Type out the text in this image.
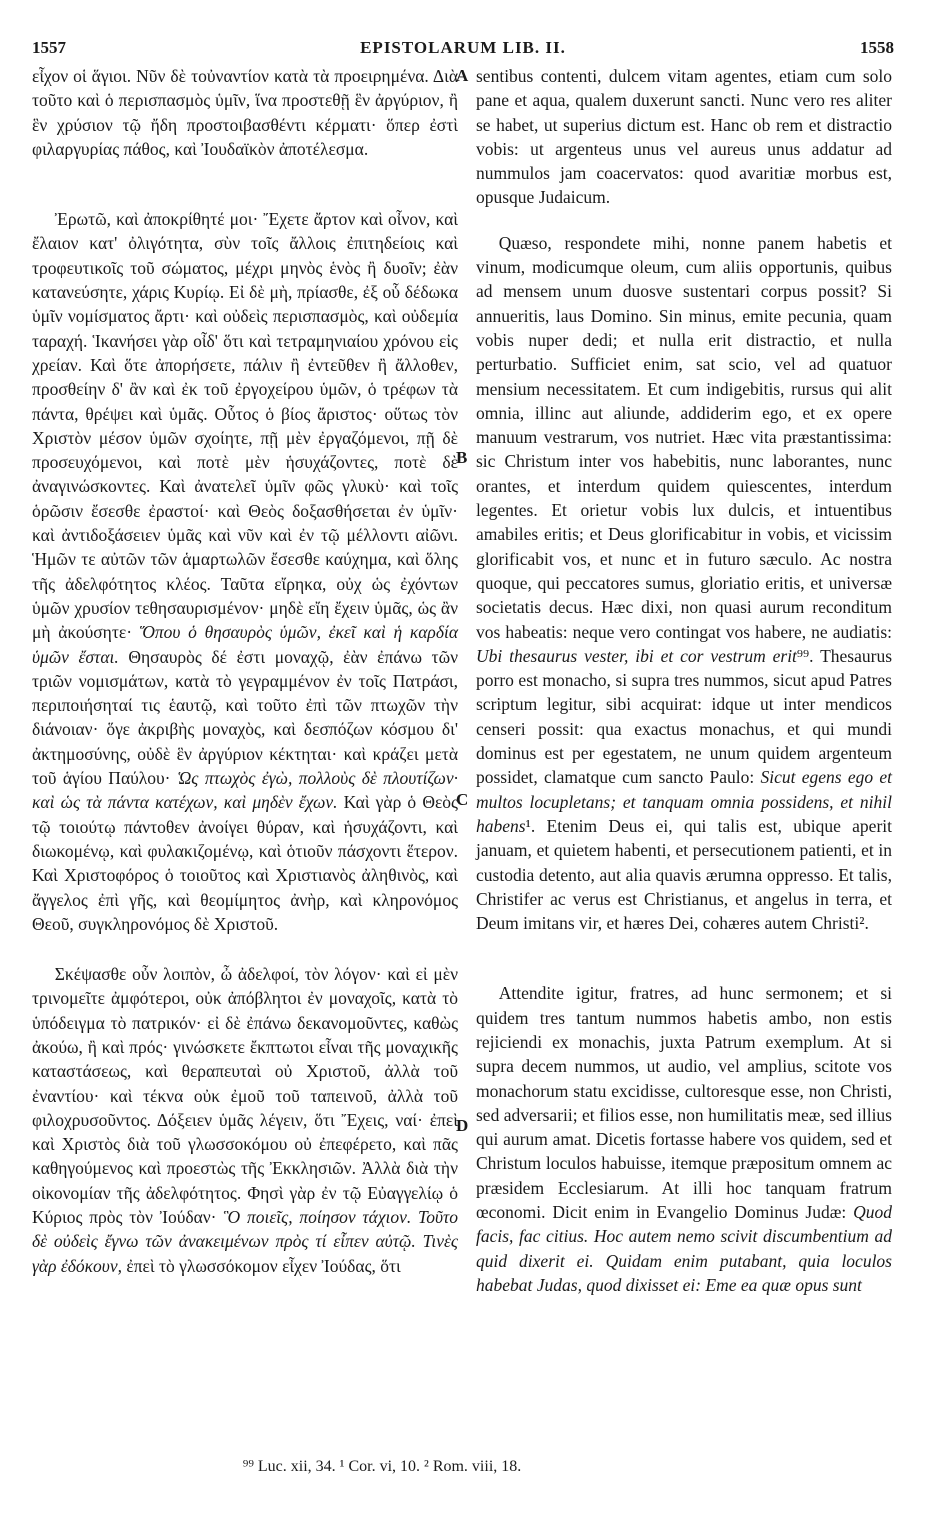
1557	EPISTOLARUM LIB. II.	1558

εἶχον οἱ ἅγιοι. Νῦν δὲ τοὐναντίον κατὰ τὰ προειρημένα. Διὰ τοῦτο καὶ ὁ περισπασμὸς ὑμῖν, ἵνα προστεθῇ ἓν ἀργύριον, ἢ ἓν χρύσιον τῷ ἤδη προστοιβασθέντι κέρματι· ὅπερ ἐστὶ φιλαργυρίας πάθος, καὶ Ἰουδαϊκὸν ἀποτέλεσμα.

Ἐρωτῶ, καὶ ἀποκρίθητέ μοι· Ἔχετε ἄρτον καὶ οἶνον, καὶ ἔλαιον κατ' ὀλιγότητα, σὺν τοῖς ἄλλοις ἐπιτηδείοις καὶ τροφευτικοῖς τοῦ σώματος, μέχρι μηνὸς ἑνὸς ἢ δυοῖν; ἐὰν κατανεύσητε, χάρις Κυρίῳ. Εἰ δὲ μὴ, πρίασθε, ἐξ οὗ δέδωκα ὑμῖν νομίσματος ἄρτι· καὶ οὐδεὶς περισπασμὸς, καὶ οὐδεμία ταραχή. Ἱκανήσει γὰρ οἶδ' ὅτι καὶ τετραμηνιαίου χρόνου εἰς χρείαν. Καὶ ὅτε ἀπορήσετε, πάλιν ἢ ἐντεῦθεν ἢ ἄλλοθεν, προσθείην δ' ἂν καὶ ἐκ τοῦ ἐργοχείρου ὑμῶν, ὁ τρέφων τὰ πάντα, θρέψει καὶ ὑμᾶς. Οὗτος ὁ βίος ἄριστος· οὕτως τὸν Χριστὸν μέσον ὑμῶν σχοίητε, πῇ μὲν ἐργαζόμενοι, πῇ δὲ προσευχόμενοι, καὶ ποτὲ μὲν ἡσυχάζοντες, ποτὲ δὲ ἀναγινώσκοντες. Καὶ ἀνατελεῖ ὑμῖν φῶς γλυκὺ· καὶ τοῖς ὁρῶσιν ἔσεσθε ἐραστοί· καὶ Θεὸς δοξασθήσεται ἐν ὑμῖν· καὶ ἀντιδοξάσειεν ὑμᾶς καὶ νῦν καὶ ἐν τῷ μέλλοντι αἰῶνι. Ἡμῶν τε αὐτῶν τῶν ἁμαρτωλῶν ἔσεσθε καύχημα, καὶ ὅλης τῆς ἀδελφότητος κλέος. Ταῦτα εἴρηκα, οὐχ ὡς ἐχόντων ὑμῶν χρυσίον τεθησαυρισμένον· μηδὲ εἴη ἔχειν ὑμᾶς, ὡς ἂν μὴ ἀκούσητε· Ὅπου ὁ θησαυρὸς ὑμῶν, ἐκεῖ καὶ ἡ καρδία ὑμῶν ἔσται. Θησαυρὸς δέ ἐστι μοναχῷ, ἐὰν ἐπάνω τῶν τριῶν νομισμάτων, κατὰ τὸ γεγραμμένον ἐν τοῖς Πατράσι, περιποιήσηταί τις ἑαυτῷ, καὶ τοῦτο ἐπὶ τῶν πτωχῶν τὴν διάνοιαν· ὅγε ἀκριβὴς μοναχὸς, καὶ δεσπόζων κόσμου δι' ἀκτημοσύνης, οὐδὲ ἓν ἀργύριον κέκτηται· καὶ κράζει μετὰ τοῦ ἁγίου Παύλου· Ὡς πτωχὸς ἐγὼ, πολλοὺς δὲ πλουτίζων· καὶ ὡς τὰ πάντα κατέχων, καὶ μηδὲν ἔχων. Καὶ γὰρ ὁ Θεὸς τῷ τοιούτῳ πάντοθεν ἀνοίγει θύραν, καὶ ἡσυχάζοντι, καὶ διωκομένῳ, καὶ φυλακιζομένῳ, καὶ ὁτιοῦν πάσχοντι ἕτερον. Καὶ Χριστοφόρος ὁ τοιοῦτος καὶ Χριστιανὸς ἀληθινὸς, καὶ ἄγγελος ἐπὶ γῆς, καὶ θεομίμητος ἀνὴρ, καὶ κληρονόμος Θεοῦ, συγκληρονόμος δὲ Χριστοῦ.

Σκέψασθε οὖν λοιπὸν, ὦ ἀδελφοί, τὸν λόγον· καὶ εἰ μὲν τρινομεῖτε ἀμφότεροι, οὐκ ἀπόβλητοι ἐν μοναχοῖς, κατὰ τὸ ὑπόδειγμα τὸ πατρικόν· εἰ δὲ ἐπάνω δεκανομοῦντες, καθὼς ἀκούω, ἢ καὶ πρός· γινώσκετε ἔκπτωτοι εἶναι τῆς μοναχικῆς καταστάσεως, καὶ θεραπευταὶ οὐ Χριστοῦ, ἀλλὰ τοῦ ἐναντίου· καὶ τέκνα οὐκ ἐμοῦ τοῦ ταπεινοῦ, ἀλλὰ τοῦ φιλοχρυσοῦντος. Δόξειεν ὑμᾶς λέγειν, ὅτι Ἔχεις, ναί· ἐπεὶ καὶ Χριστὸς διὰ τοῦ γλωσσοκόμου οὐ ἐπεφέρετο, καὶ πᾶς καθηγούμενος καὶ προεστὼς τῆς Ἐκκλησιῶν. Ἀλλὰ διὰ τὴν οἰκονομίαν τῆς ἀδελφότητος. Φησὶ γὰρ ἐν τῷ Εὐαγγελίῳ ὁ Κύριος πρὸς τὸν Ἰούδαν· Ὃ ποιεῖς, ποίησον τάχιον. Τοῦτο δὲ οὐδεὶς ἔγνω τῶν ἀνακειμένων πρὸς τί εἶπεν αὐτῷ. Τινὲς γὰρ ἐδόκουν, ἐπεὶ τὸ γλωσσόκομον εἶχεν Ἰούδας, ὅτι

A
B
C
D

sentibus contenti, dulcem vitam agentes, etiam cum solo pane et aqua, qualem duxerunt sancti. Nunc vero res aliter se habet, ut superius dictum est. Hanc ob rem et distractio vobis: ut argenteus unus vel aureus unus addatur ad nummulos jam coacervatos: quod avaritiæ morbus est, opusque Judaicum.

Quæso, respondete mihi, nonne panem habetis et vinum, modicumque oleum, cum aliis opportunis, quibus ad mensem unum duosve sustentari corpus possit? Si annueritis, laus Domino. Sin minus, emite pecunia, quam vobis nuper dedi; et nulla erit distractio, et nulla perturbatio. Sufficiet enim, sat scio, vel ad quatuor mensium necessitatem. Et cum indigebitis, rursus qui alit omnia, illinc aut aliunde, addiderim ego, et ex opere manuum vestrarum, vos nutriet. Hæc vita præstantissima: sic Christum inter vos habebitis, nunc laborantes, nunc orantes, et interdum quidem quiescentes, interdum legentes. Et orietur vobis lux dulcis, et intuentibus amabiles eritis; et Deus glorificabitur in vobis, et vicissim glorificabit vos, et nunc et in futuro sæculo. Ac nostra quoque, qui peccatores sumus, gloriatio eritis, et universæ societatis decus. Hæc dixi, non quasi aurum reconditum vos habeatis: neque vero contingat vos habere, ne audiatis: Ubi thesaurus vester, ibi et cor vestrum erit⁹⁹. Thesaurus porro est monacho, si supra tres nummos, sicut apud Patres scriptum legitur, sibi acquirat: idque ut inter mendicos censeri possit: qua exactus monachus, et qui mundi dominus est per egestatem, ne unum quidem argenteum possidet, clamatque cum sancto Paulo: Sicut egens ego et multos locupletans; et tanquam omnia possidens, et nihil habens¹. Etenim Deus ei, qui talis est, ubique aperit januam, et quietem habenti, et persecutionem patienti, et in custodia detento, aut alia quavis ærumna oppresso. Et talis, Christifer ac verus est Christianus, et angelus in terra, et Deum imitans vir, et hæres Dei, cohæres autem Christi².

Attendite igitur, fratres, ad hunc sermonem; et si quidem tres tantum nummos habetis ambo, non estis rejiciendi ex monachis, juxta Patrum exemplum. At si supra decem nummos, ut audio, vel amplius, scitote vos monachorum statu excidisse, cultoresque esse, non Christi, sed adversarii; et filios esse, non humilitatis meæ, sed illius qui aurum amat. Dicetis fortasse habere vos quidem, sed et Christum loculos habuisse, itemque præpositum omnem ac præsidem Ecclesiarum. At illi hoc tanquam fratrum œconomi. Dicit enim in Evangelio Dominus Judæ: Quod facis, fac citius. Hoc autem nemo scivit discumbentium ad quid dixerit ei. Quidam enim putabant, quia loculos habebat Judas, quod dixisset ei: Eme ea quæ opus sunt

⁹⁹ Luc. xii, 34. ¹ Cor. vi, 10. ² Rom. viii, 18.
